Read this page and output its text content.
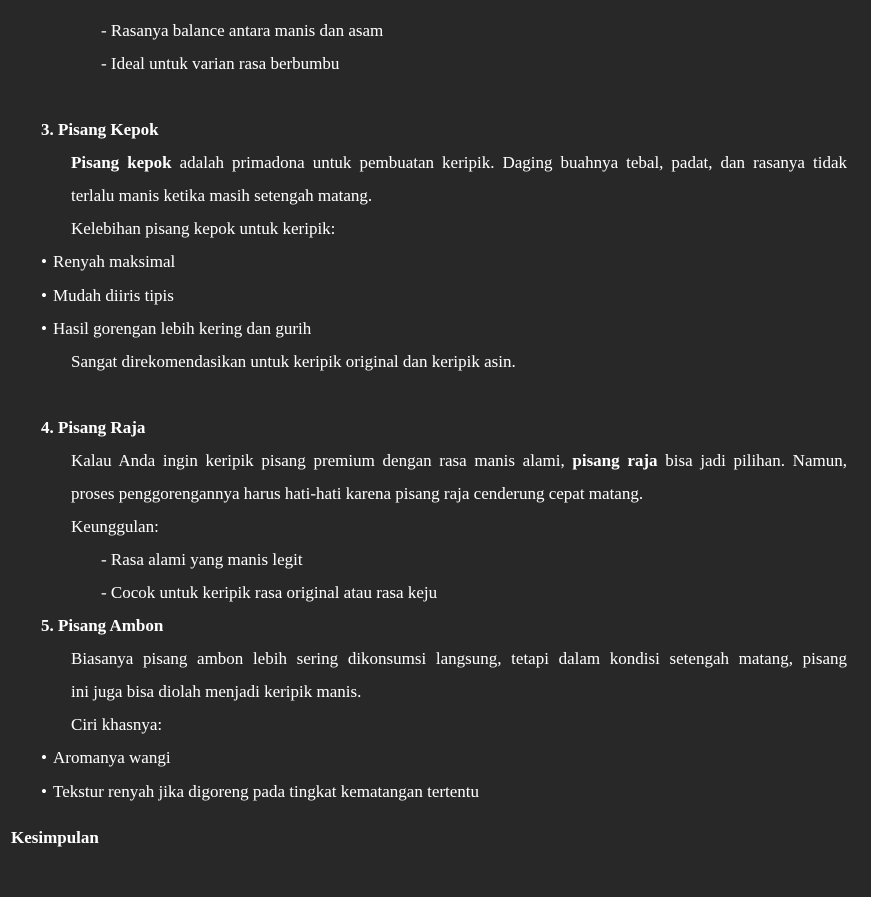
- Rasanya balance antara manis dan asam
- Ideal untuk varian rasa berbumbu
3. Pisang Kepok
Pisang kepok adalah primadona untuk pembuatan keripik. Daging buahnya tebal, padat, dan rasanya tidak
terlalu manis ketika masih setengah matang.
Kelebihan pisang kepok untuk keripik:
• Renyah maksimal
• Mudah diiris tipis
• Hasil gorengan lebih kering dan gurih
Sangat direkomendasikan untuk keripik original dan keripik asin.
4. Pisang Raja
Kalau Anda ingin keripik pisang premium dengan rasa manis alami, pisang raja bisa jadi pilihan. Namun,
proses penggorengannya harus hati-hati karena pisang raja cenderung cepat matang.
Keunggulan:
- Rasa alami yang manis legit
- Cocok untuk keripik rasa original atau rasa keju
5. Pisang Ambon
Biasanya pisang ambon lebih sering dikonsumsi langsung, tetapi dalam kondisi setengah matang, pisang
ini juga bisa diolah menjadi keripik manis.
Ciri khasnya:
• Aromanya wangi
• Tekstur renyah jika digoreng pada tingkat kematangan tertentu
Kesimpulan
